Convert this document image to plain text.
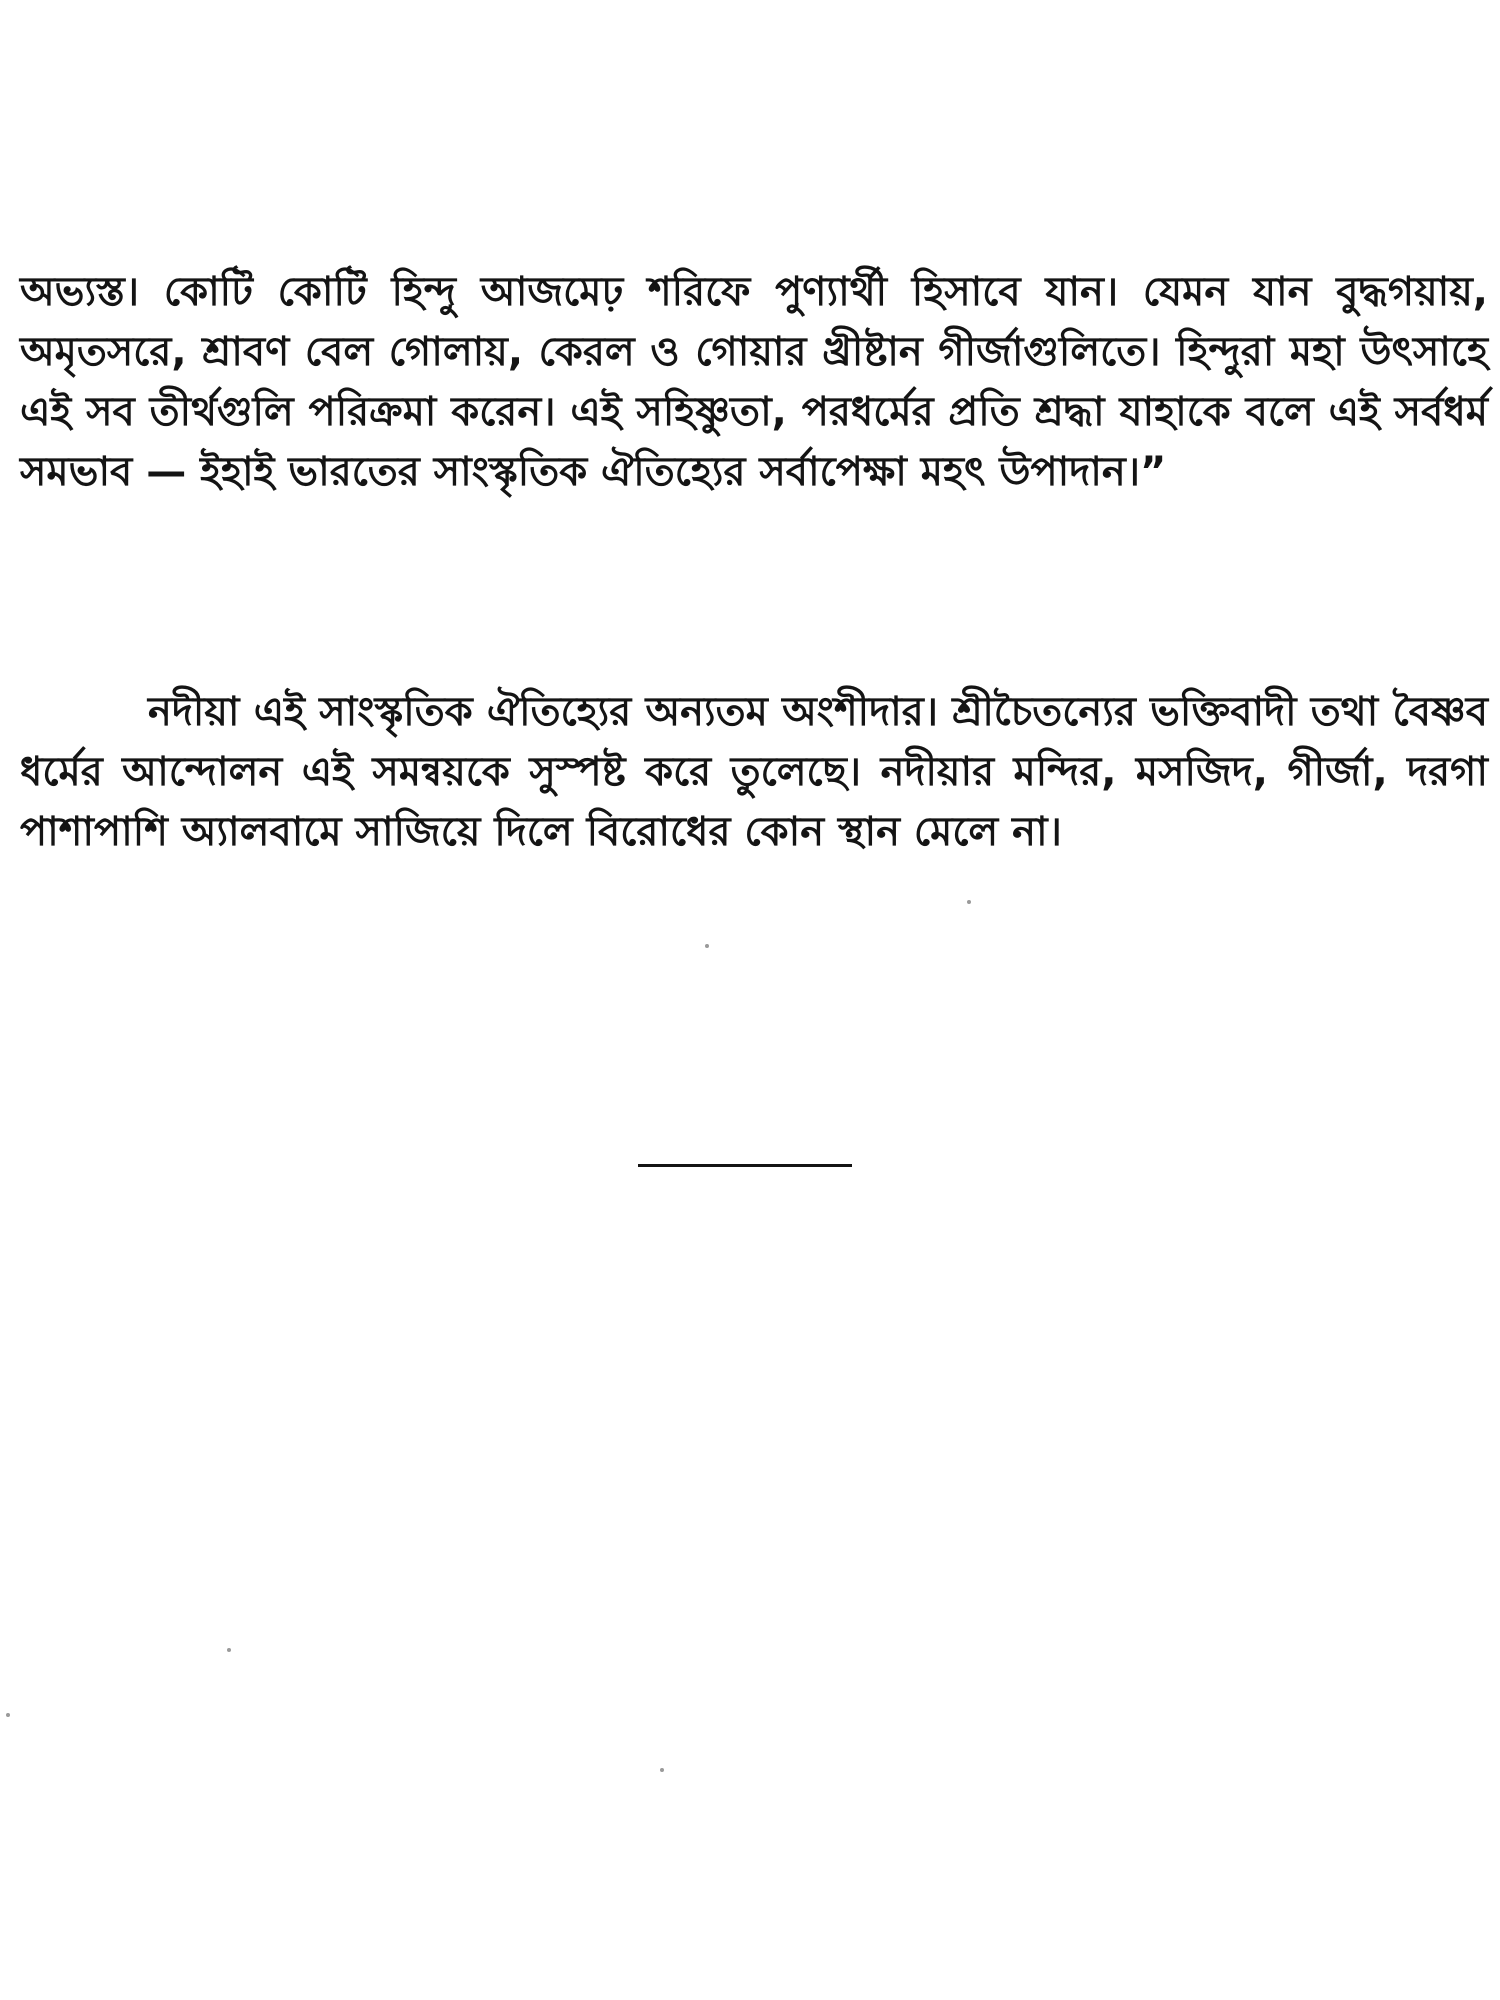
অভ্যস্ত। কোটি কোটি হিন্দু আজমেঢ় শরিফে পুণ্যার্থী হিসাবে যান। যেমন যান বুদ্ধগয়ায়, অমৃতসরে, শ্রাবণ বেল গোলায়, কেরল ও গোয়ার খ্রীষ্টান গীর্জাগুলিতে। হিন্দুরা মহা উৎসাহে এই সব তীর্থগুলি পরিক্রমা করেন। এই সহিষ্ণুতা, পরধর্মের প্রতি শ্রদ্ধা যাহাকে বলে এই সর্বধর্ম সমভাব — ইহাই ভারতের সাংস্কৃতিক ঐতিহ্যের সর্বাপেক্ষা মহৎ উপাদান।”

নদীয়া এই সাংস্কৃতিক ঐতিহ্যের অন্যতম অংশীদার। শ্রীচৈতন্যের ভক্তিবাদী তথা বৈষ্ণব ধর্মের আন্দোলন এই সমন্বয়কে সুস্পষ্ট করে তুলেছে। নদীয়ার মন্দির, মসজিদ, গীর্জা, দরগা পাশাপাশি অ্যালবামে সাজিয়ে দিলে বিরোধের কোন স্থান মেলে না।
